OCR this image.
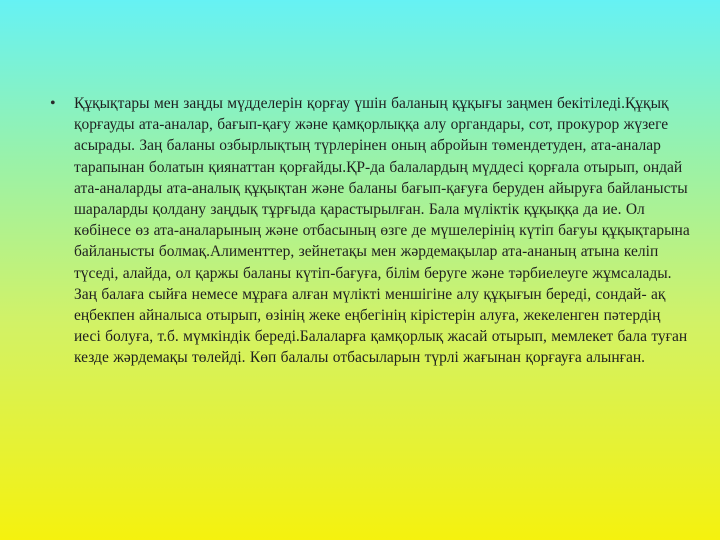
•	Құқықтары мен заңды мүдделерін қорғау үшін баланың құқығы заңмен бекітіледі.Құқық қорғауды ата-аналар, бағып-қағу және қамқорлыққа алу органдары, сот, прокурор жүзеге асырады. Заң баланы озбырлықтың түрлерінен оның абройын төмендетуден, ата-аналар тарапынан болатын қиянаттан қорғайды.ҚР-да балалардың мүддесі қорғала отырып, ондай ата-аналарды ата-аналық құқықтан және баланы бағып-қағуға беруден айыруға байланысты шараларды қолдану заңдық тұрғыда қарастырылған. Бала мүліктік құқыққа да ие. Ол көбінесе өз ата-аналарының және отбасының өзге де мүшелерінің күтіп бағуы құқықтарына байланысты болмақ.Алименттер, зейнетақы мен жәрдемақылар ата-ананың атына келіп түседі, алайда, ол қаржы баланы күтіп-бағуға, білім беруге және тәрбиелеуге жұмсалады. Заң балаға сыйға немесе мұраға алған мүлікті меншігіне алу құқығын береді, сондай- ақ еңбекпен айналыса отырып, өзінің жеке еңбегінің кірістерін алуға, жекеленген пәтердің иесі болуға, т.б. мүмкіндік береді.Балаларға қамқорлық жасай отырып, мемлекет бала туған кезде жәрдемақы төлейді. Көп балалы отбасыларын түрлі жағынан қорғауға алынған.
